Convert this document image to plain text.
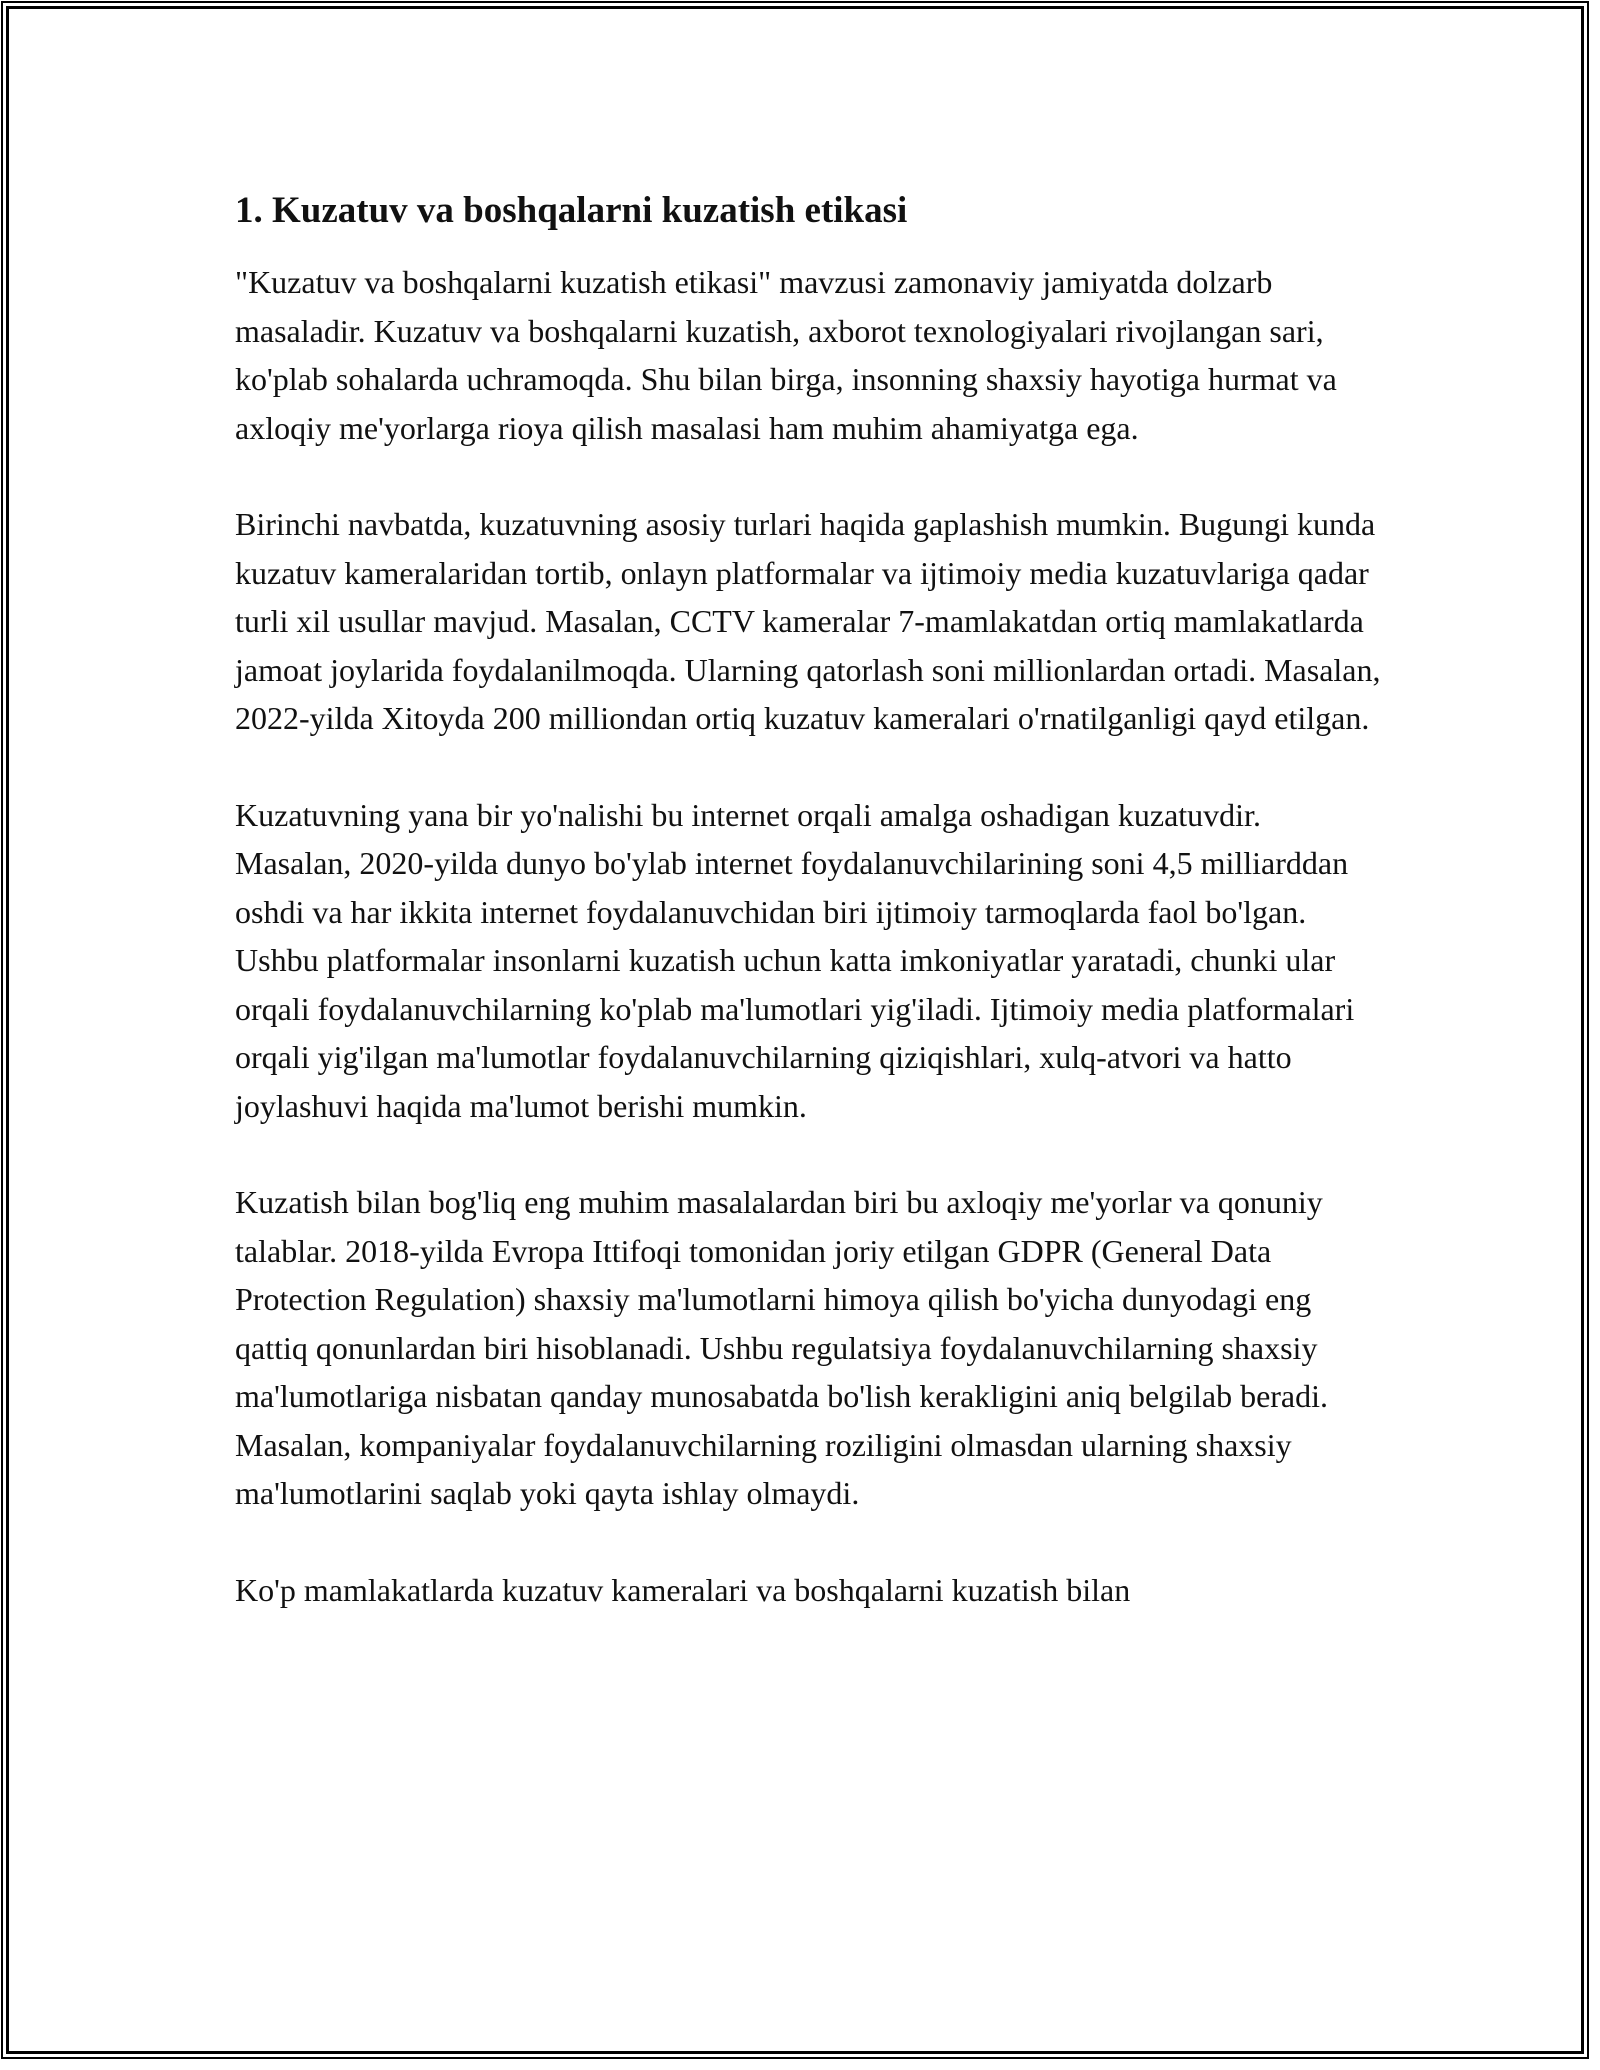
1. Kuzatuv va boshqalarni kuzatish etikasi

"Kuzatuv va boshqalarni kuzatish etikasi" mavzusi zamonaviy jamiyatda dolzarb masaladir. Kuzatuv va boshqalarni kuzatish, axborot texnologiyalari rivojlangan sari, ko'plab sohalarda uchramoqda. Shu bilan birga, insonning shaxsiy hayotiga hurmat va axloqiy me'yorlarga rioya qilish masalasi ham muhim ahamiyatga ega.

Birinchi navbatda, kuzatuvning asosiy turlari haqida gaplashish mumkin. Bugungi kunda kuzatuv kameralaridan tortib, onlayn platformalar va ijtimoiy media kuzatuvlariga qadar turli xil usullar mavjud. Masalan, CCTV kameralar 7-mamlakatdan ortiq mamlakatlarda jamoat joylarida foydalanilmoqda. Ularning qatorlash soni millionlardan ortadi. Masalan, 2022-yilda Xitoyda 200 milliondan ortiq kuzatuv kameralari o'rnatilganligi qayd etilgan.

Kuzatuvning yana bir yo'nalishi bu internet orqali amalga oshadigan kuzatuvdir. Masalan, 2020-yilda dunyo bo'ylab internet foydalanuvchilarining soni 4,5 milliarddan oshdi va har ikkita internet foydalanuvchidan biri ijtimoiy tarmoqlarda faol bo'lgan. Ushbu platformalar insonlarni kuzatish uchun katta imkoniyatlar yaratadi, chunki ular orqali foydalanuvchilarning ko'plab ma'lumotlari yig'iladi. Ijtimoiy media platformalari orqali yig'ilgan ma'lumotlar foydalanuvchilarning qiziqishlari, xulq-atvori va hatto joylashuvi haqida ma'lumot berishi mumkin.

Kuzatish bilan bog'liq eng muhim masalalardan biri bu axloqiy me'yorlar va qonuniy talablar. 2018-yilda Evropa Ittifoqi tomonidan joriy etilgan GDPR (General Data Protection Regulation) shaxsiy ma'lumotlarni himoya qilish bo'yicha dunyodagi eng qattiq qonunlardan biri hisoblanadi. Ushbu regulatsiya foydalanuvchilarning shaxsiy ma'lumotlariga nisbatan qanday munosabatda bo'lish kerakligini aniq belgilab beradi. Masalan, kompaniyalar foydalanuvchilarning roziligini olmasdan ularning shaxsiy ma'lumotlarini saqlab yoki qayta ishlay olmaydi.

Ko'p mamlakatlarda kuzatuv kameralari va boshqalarni kuzatish bilan
